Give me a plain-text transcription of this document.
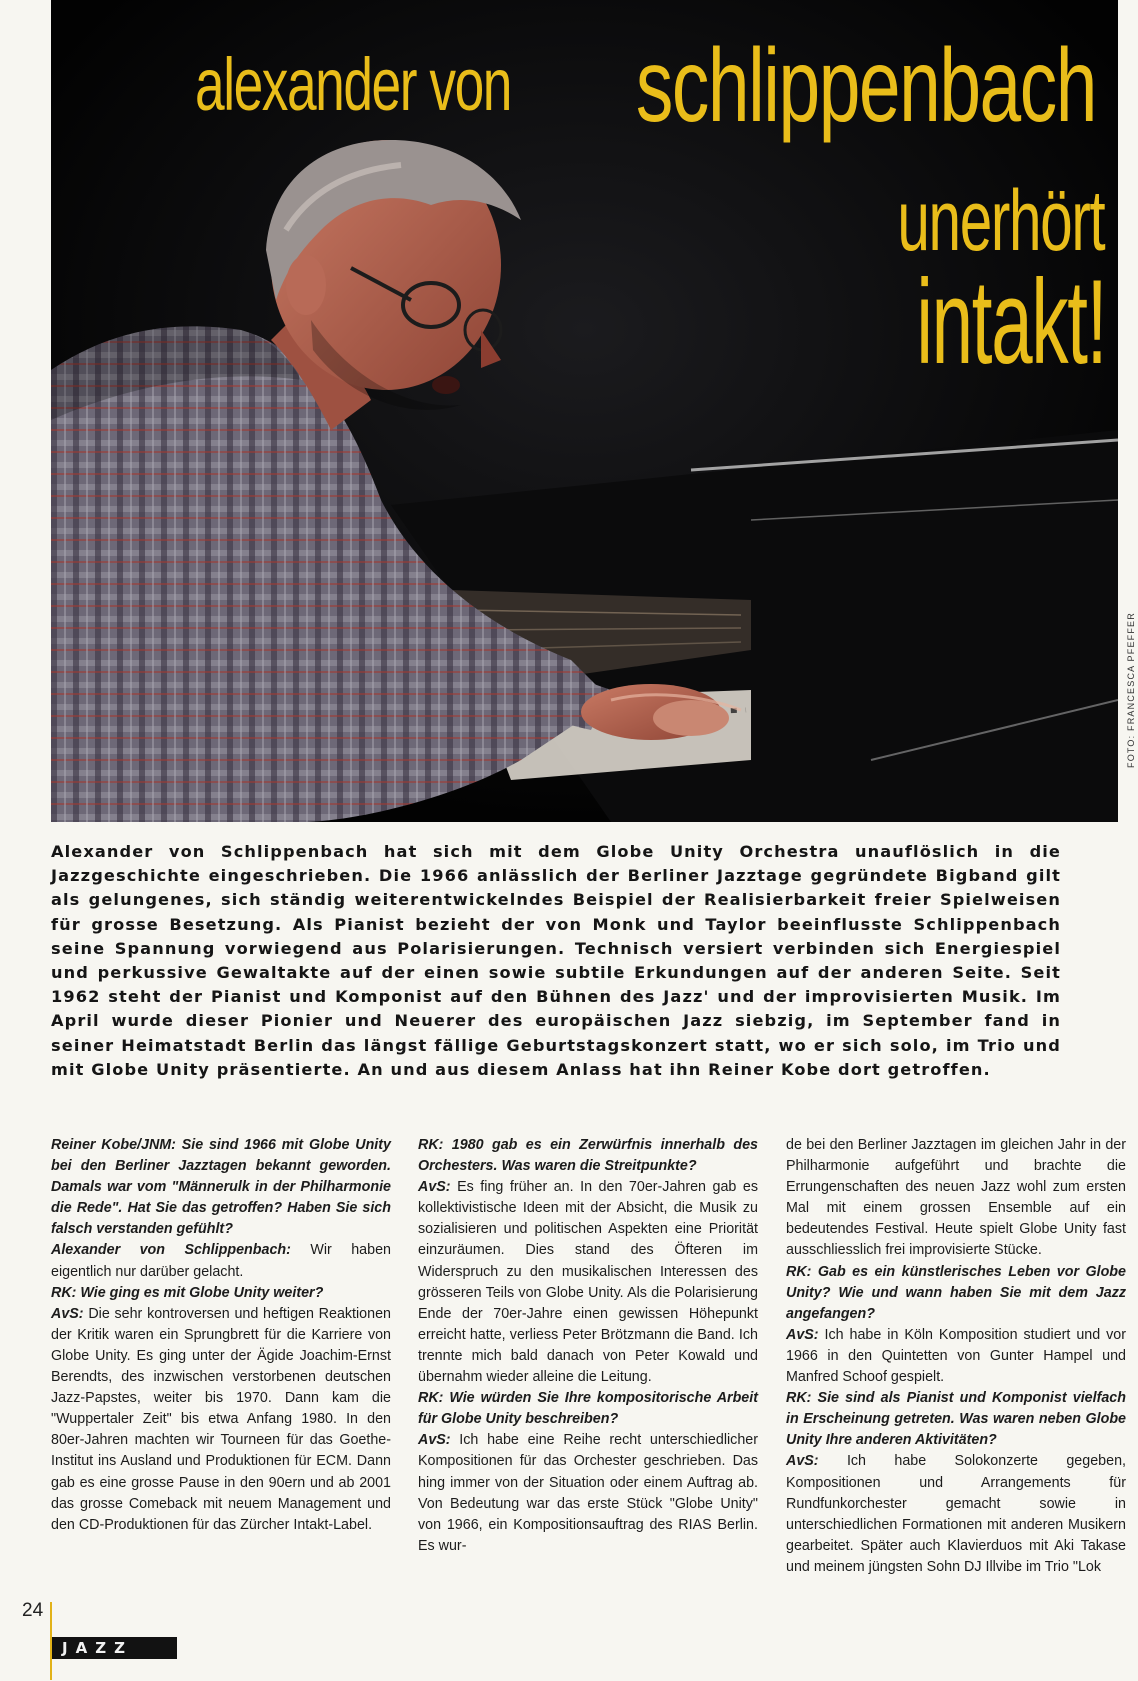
alexander von schlippenbach
unerhört
intakt!
FOTO: FRANCESCA PFEFFER

Alexander von Schlippenbach hat sich mit dem Globe Unity Orchestra unauflöslich in die Jazzgeschichte eingeschrieben. Die 1966 anlässlich der Berliner Jazztage gegründete Bigband gilt als gelungenes, sich ständig weiterentwickelndes Beispiel der Realisierbarkeit freier Spielweisen für grosse Besetzung. Als Pianist bezieht der von Monk und Taylor beeinflusste Schlippenbach seine Spannung vorwiegend aus Polarisierungen. Technisch versiert verbinden sich Energiespiel und perkussive Gewaltakte auf der einen sowie subtile Erkundungen auf der anderen Seite. Seit 1962 steht der Pianist und Komponist auf den Bühnen des Jazz' und der improvisierten Musik. Im April wurde dieser Pionier und Neuerer des europäischen Jazz siebzig, im September fand in seiner Heimatstadt Berlin das längst fällige Geburtstagskonzert statt, wo er sich solo, im Trio und mit Globe Unity präsentierte. An und aus diesem Anlass hat ihn Reiner Kobe dort getroffen.

Reiner Kobe/JNM: Sie sind 1966 mit Globe Unity bei den Berliner Jazztagen bekannt geworden. Damals war vom "Männerulk in der Philharmonie die Rede". Hat Sie das getroffen? Haben Sie sich falsch verstanden gefühlt?

Alexander von Schlippenbach: Wir haben eigentlich nur darüber gelacht.

RK: Wie ging es mit Globe Unity weiter?

AvS: Die sehr kontroversen und heftigen Reaktionen der Kritik waren ein Sprungbrett für die Karriere von Globe Unity. Es ging unter der Ägide Joachim-Ernst Berendts, des inzwischen verstorbenen deutschen Jazz-Papstes, weiter bis 1970. Dann kam die "Wuppertaler Zeit" bis etwa Anfang 1980. In den 80er-Jahren machten wir Tourneen für das Goethe-Institut ins Ausland und Produktionen für ECM. Dann gab es eine grosse Pause in den 90ern und ab 2001 das grosse Comeback mit neuem Management und den CD-Produktionen für das Zürcher Intakt-Label.

RK: 1980 gab es ein Zerwürfnis innerhalb des Orchesters. Was waren die Streitpunkte?

AvS: Es fing früher an. In den 70er-Jahren gab es kollektivistische Ideen mit der Absicht, die Musik zu sozialisieren und politischen Aspekten eine Priorität einzuräumen. Dies stand des Öfteren im Widerspruch zu den musikalischen Interessen des grösseren Teils von Globe Unity. Als die Polarisierung Ende der 70er-Jahre einen gewissen Höhepunkt erreicht hatte, verliess Peter Brötzmann die Band. Ich trennte mich bald danach von Peter Kowald und übernahm wieder alleine die Leitung.

RK: Wie würden Sie Ihre kompositorische Arbeit für Globe Unity beschreiben?

AvS: Ich habe eine Reihe recht unterschiedlicher Kompositionen für das Orchester geschrieben. Das hing immer von der Situation oder einem Auftrag ab. Von Bedeutung war das erste Stück "Globe Unity" von 1966, ein Kompositionsauftrag des RIAS Berlin. Es wur-

de bei den Berliner Jazztagen im gleichen Jahr in der Philharmonie aufgeführt und brachte die Errungenschaften des neuen Jazz wohl zum ersten Mal mit einem grossen Ensemble auf ein bedeutendes Festival. Heute spielt Globe Unity fast ausschliesslich frei improvisierte Stücke.

RK: Gab es ein künstlerisches Leben vor Globe Unity? Wie und wann haben Sie mit dem Jazz angefangen?

AvS: Ich habe in Köln Komposition studiert und vor 1966 in den Quintetten von Gunter Hampel und Manfred Schoof gespielt.

RK: Sie sind als Pianist und Komponist vielfach in Erscheinung getreten. Was waren neben Globe Unity Ihre anderen Aktivitäten?

AvS: Ich habe Solokonzerte gegeben, Kompositionen und Arrangements für Rundfunkorchester gemacht sowie in unterschiedlichen Formationen mit anderen Musikern gearbeitet. Später auch Klavierduos mit Aki Takase und meinem jüngsten Sohn DJ Illvibe im Trio "Lok

24
JAZZ
